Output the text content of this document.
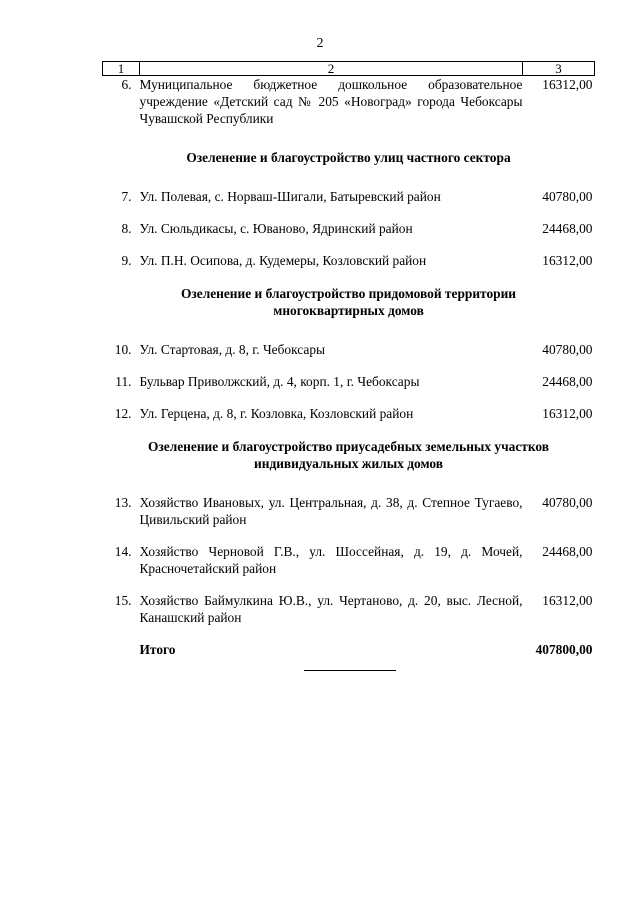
2
1	2	3
6.	Муниципальное бюджетное дошкольное образовательное учреждение «Детский сад № 205 «Новоград» города Чебоксары Чувашской Республики	16312,00

Озеленение и благоустройство улиц частного сектора		

7.	Ул. Полевая, с. Норваш-Шигали, Батыревский район	40780,00

8.	Ул. Сюльдикасы, с. Юваново, Ядринский район	24468,00

9.	Ул. П.Н. Осипова, д. Кудемеры, Козловский район	16312,00

Озеленение и благоустройство придомовой территории
многоквартирных домов		

10.	Ул. Стартовая, д. 8, г. Чебоксары	40780,00

11.	Бульвар Приволжский, д. 4, корп. 1, г. Чебоксары	24468,00

12.	Ул. Герцена, д. 8, г. Козловка, Козловский район	16312,00

Озеленение и благоустройство приусадебных земельных участков
индивидуальных жилых домов		

13.	Хозяйство Ивановых, ул. Центральная, д. 38, д. Степное Тугаево, Цивильский район	40780,00

14.	Хозяйство Черновой Г.В., ул. Шоссейная, д. 19, д. Мочей, Красночетайский район	24468,00

15.	Хозяйство Баймулкина Ю.В., ул. Чертаново, д. 20, выс. Лесной, Канашский район	16312,00

	Итого	407800,00
